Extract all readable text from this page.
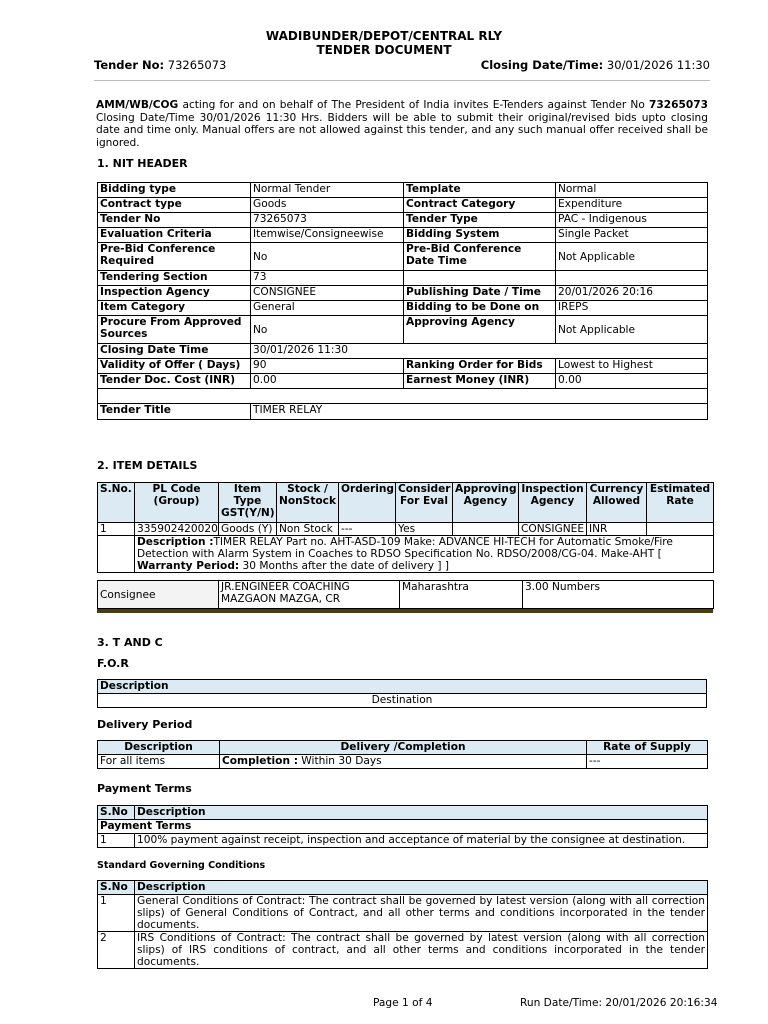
WADIBUNDER/DEPOT/CENTRAL RLY
TENDER DOCUMENT
Tender No: 73265073	Closing Date/Time: 30/01/2026 11:30
AMM/WB/COG acting for and on behalf of The President of India invites E-Tenders against Tender No 73265073 Closing Date/Time 30/01/2026 11:30 Hrs. Bidders will be able to submit their original/revised bids upto closing date and time only. Manual offers are not allowed against this tender, and any such manual offer received shall be ignored.
1. NIT HEADER
Bidding type	Normal Tender	Template	Normal
Contract type	Goods	Contract Category	Expenditure
Tender No	73265073	Tender Type	PAC - Indigenous
Evaluation Criteria	Itemwise/Consigneewise	Bidding System	Single Packet
Pre-Bid Conference Required	No	Pre-Bid Conference Date Time	Not Applicable
Tendering Section	73		
Inspection Agency	CONSIGNEE	Publishing Date / Time	20/01/2026 20:16
Item Category	General	Bidding to be Done on	IREPS
Procure From Approved Sources	No	Approving Agency	Not Applicable
Closing Date Time	30/01/2026 11:30		
Validity of Offer ( Days)	90	Ranking Order for Bids	Lowest to Highest
Tender Doc. Cost (INR)	0.00	Earnest Money (INR)	0.00

Tender Title	TIMER RELAY		
2. ITEM DETAILS
S.No.	PL Code (Group)	Item Type GST(Y/N)	Stock / NonStock	Ordering	Consider For Eval	Approving Agency	Inspection Agency	Currency Allowed	Estimated Rate
1	335902420020	Goods (Y)	Non Stock	---	Yes		CONSIGNEE	INR	
	Description :TIMER RELAY Part no. AHT-ASD-109 Make: ADVANCE HI-TECH for Automatic Smoke/Fire Detection with Alarm System in Coaches to RDSO Specification No. RDSO/2008/CG-04. Make-AHT [ Warranty Period: 30 Months after the date of delivery ] ]								
Consignee	JR.ENGINEER COACHING MAZGAON MAZGA, CR	Maharashtra	3.00 Numbers
3. T AND C
F.O.R
Description
Destination
Delivery Period
Description	Delivery /Completion	Rate of Supply
For all items	Completion : Within 30 Days	---
Payment Terms
S.No	Description
Payment Terms	
1	100% payment against receipt, inspection and acceptance of material by the consignee at destination.
Standard Governing Conditions
S.No	Description
1	General Conditions of Contract: The contract shall be governed by latest version (along with all correction slips) of General Conditions of Contract, and all other terms and conditions incorporated in the tender documents.
2	IRS Conditions of Contract: The contract shall be governed by latest version (along with all correction slips) of IRS conditions of contract, and all other terms and conditions incorporated in the tender documents.
Page 1 of 4	Run Date/Time: 20/01/2026 20:16:34
